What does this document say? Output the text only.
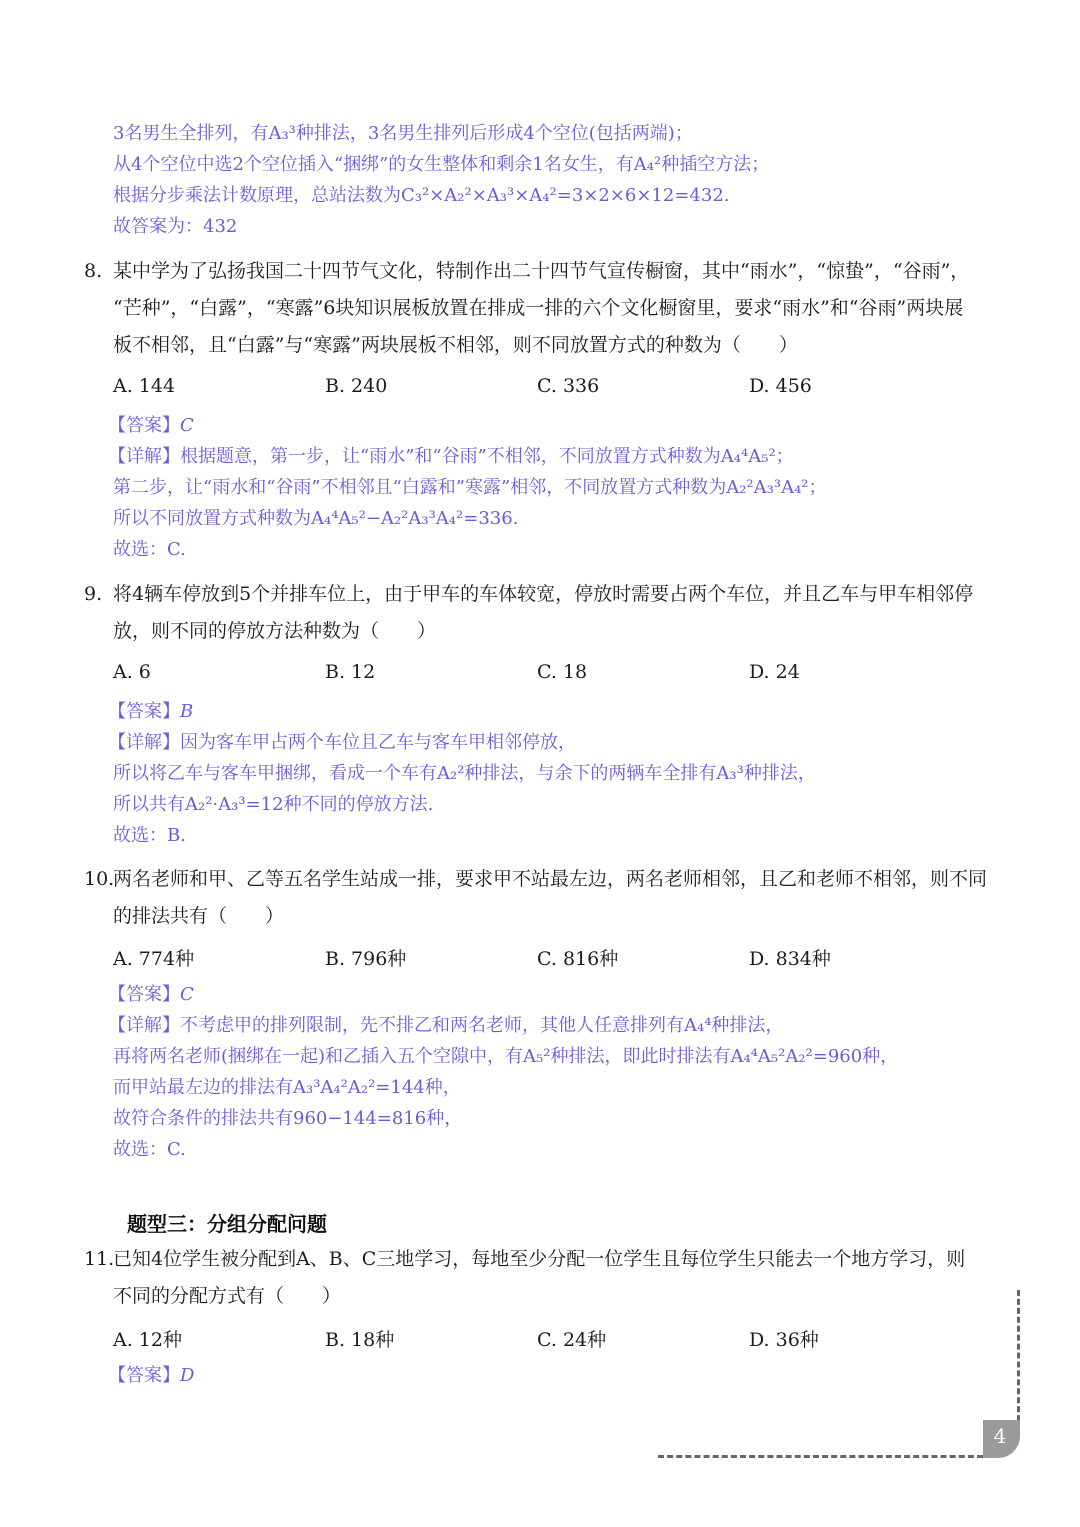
3名男生全排列，有A₃³种排法，3名男生排列后形成4个空位(包括两端)；
从4个空位中选2个空位插入“捆绑”的女生整体和剩余1名女生，有A₄²种插空方法；
根据分步乘法计数原理，总站法数为C₃²×A₂²×A₃³×A₄²=3×2×6×12=432.
故答案为：432
8. 某中学为了弘扬我国二十四节气文化，特制作出二十四节气宣传橱窗，其中“雨水”，“惊蛰”，“谷雨”，
“芒种”，“白露”，“寒露”6块知识展板放置在排成一排的六个文化橱窗里，要求“雨水”和“谷雨”两块展
板不相邻，且“白露”与“寒露”两块展板不相邻，则不同放置方式的种数为（　　）
A. 144	B. 240	C. 336	D. 456
【答案】C
【详解】根据题意，第一步，让“雨水”和“谷雨”不相邻，不同放置方式种数为A₄⁴A₅²；
第二步，让“雨水和“谷雨”不相邻且“白露和”寒露”相邻，不同放置方式种数为A₂²A₃³A₄²；
所以不同放置方式种数为A₄⁴A₅²−A₂²A₃³A₄²=336.
故选：C.
9. 将4辆车停放到5个并排车位上，由于甲车的车体较宽，停放时需要占两个车位，并且乙车与甲车相邻停
放，则不同的停放方法种数为（　　）
A. 6	B. 12	C. 18	D. 24
【答案】B
【详解】因为客车甲占两个车位且乙车与客车甲相邻停放，
所以将乙车与客车甲捆绑，看成一个车有A₂²种排法，与余下的两辆车全排有A₃³种排法，
所以共有A₂²·A₃³=12种不同的停放方法.
故选：B.
10.两名老师和甲、乙等五名学生站成一排，要求甲不站最左边，两名老师相邻，且乙和老师不相邻，则不同
的排法共有（　　）
A. 774种	B. 796种	C. 816种	D. 834种
【答案】C
【详解】不考虑甲的排列限制，先不排乙和两名老师，其他人任意排列有A₄⁴种排法，
再将两名老师(捆绑在一起)和乙插入五个空隙中，有A₅²种排法，即此时排法有A₄⁴A₅²A₂²=960种，
而甲站最左边的排法有A₃³A₄²A₂²=144种，
故符合条件的排法共有960−144=816种，
故选：C.
题型三：分组分配问题
11.已知4位学生被分配到A、B、C三地学习，每地至少分配一位学生且每位学生只能去一个地方学习，则
不同的分配方式有（　　）
A. 12种	B. 18种	C. 24种	D. 36种
【答案】D
4
